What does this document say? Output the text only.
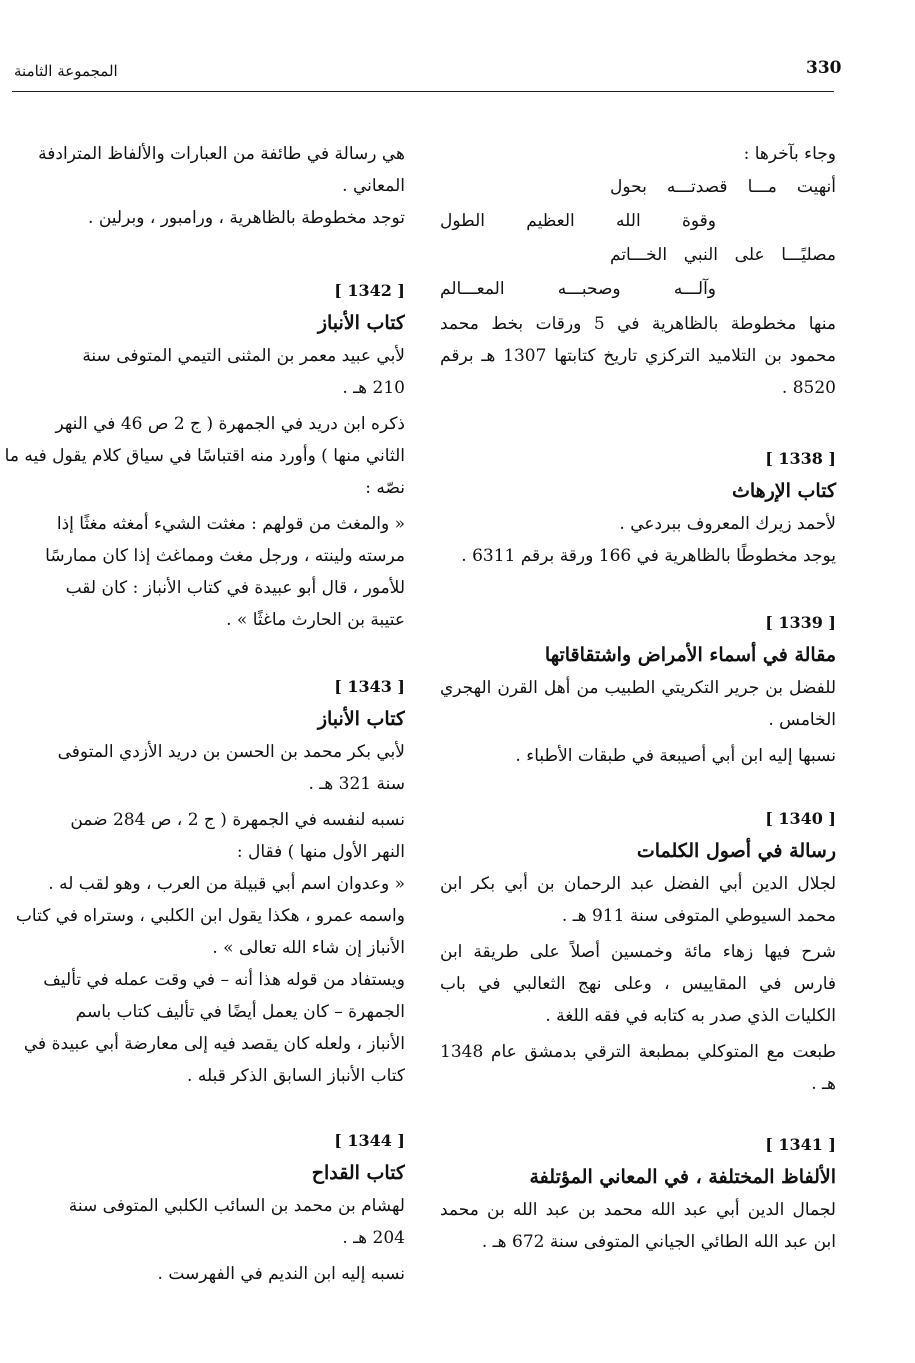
330
المجموعة الثامنة
وجاء بآخرها :
أنهيت
مـــا
قصدتـــه
بحول
وقوة
الله
العظيم
الطول
مصليًـــا
على
النبي
الخـــاتم
وآلـــه
وصحبـــه
المعـــالم
منها مخطوطة بالظاهرية في 5 ورقات بخط محمد محمود بن التلاميد التركزي تاريخ كتابتها 1307 هـ برقم 8520 .
[ 1338 ]
كتاب الإرهاث
لأحمد زيرك المعروف ببردعي .
يوجد مخطوطًا بالظاهرية في 166 ورقة برقم 6311 .
[ 1339 ]
مقالة في أسماء الأمراض واشتقاقاتها
للفضل بن جرير التكريتي الطبيب من أهل القرن الهجري الخامس .
نسبها إليه ابن أبي أصيبعة في طبقات الأطباء .
[ 1340 ]
رسالة في أصول الكلمات
لجلال الدين أبي الفضل عبد الرحمان بن أبي بكر ابن محمد السيوطي المتوفى سنة 911 هـ .
شرح فيها زهاء مائة وخمسين أصلاً على طريقة ابن فارس في المقاييس ، وعلى نهج الثعالبي في باب الكليات الذي صدر به كتابه في فقه اللغة .
طبعت مع المتوكلي بمطبعة الترقي بدمشق عام 1348 هـ .
[ 1341 ]
الألفاظ المختلفة ، في المعاني المؤتلفة
لجمال الدين أبي عبد الله محمد بن عبد الله بن محمد ابن عبد الله الطائي الجياني المتوفى سنة 672 هـ .
هي رسالة في طائفة من العبارات والألفاظ المترادفة
المعاني .
توجد مخطوطة بالظاهرية ، ورامبور ، وبرلين .
[ 1342 ]
كتاب الأنباز
لأبي عبيد معمر بن المثنى التيمي المتوفى سنة
210 هـ .
ذكره ابن دريد في الجمهرة ( ج 2 ص 46 في النهر
الثاني منها ) وأورد منه اقتباسًا في سياق كلام يقول فيه ما
نصّه :
« والمغث من قولهم : مغثت الشيء أمغثه مغثًا إذا
مرسته ولينته ، ورجل مغث ومماغث إذا كان ممارسًا
للأمور ، قال أبو عبيدة في كتاب الأنباز : كان لقب
عتيبة بن الحارث ماغثًا » .
[ 1343 ]
كتاب الأنباز
لأبي بكر محمد بن الحسن بن دريد الأزدي المتوفى
سنة 321 هـ .
نسبه لنفسه في الجمهرة ( ج 2 ، ص 284 ضمن
النهر الأول منها ) فقال :
« وعدوان اسم أبي قبيلة من العرب ، وهو لقب له .
واسمه عمرو ، هكذا يقول ابن الكلبي ، وستراه في كتاب
الأنباز إن شاء الله تعالى » .
ويستفاد من قوله هذا أنه – في وقت عمله في تأليف
الجمهرة – كان يعمل أيضًا في تأليف كتاب باسم
الأنباز ، ولعله كان يقصد فيه إلى معارضة أبي عبيدة في
كتاب الأنباز السابق الذكر قبله .
[ 1344 ]
كتاب القداح
لهشام بن محمد بن السائب الكلبي المتوفى سنة
204 هـ .
نسبه إليه ابن النديم في الفهرست .
